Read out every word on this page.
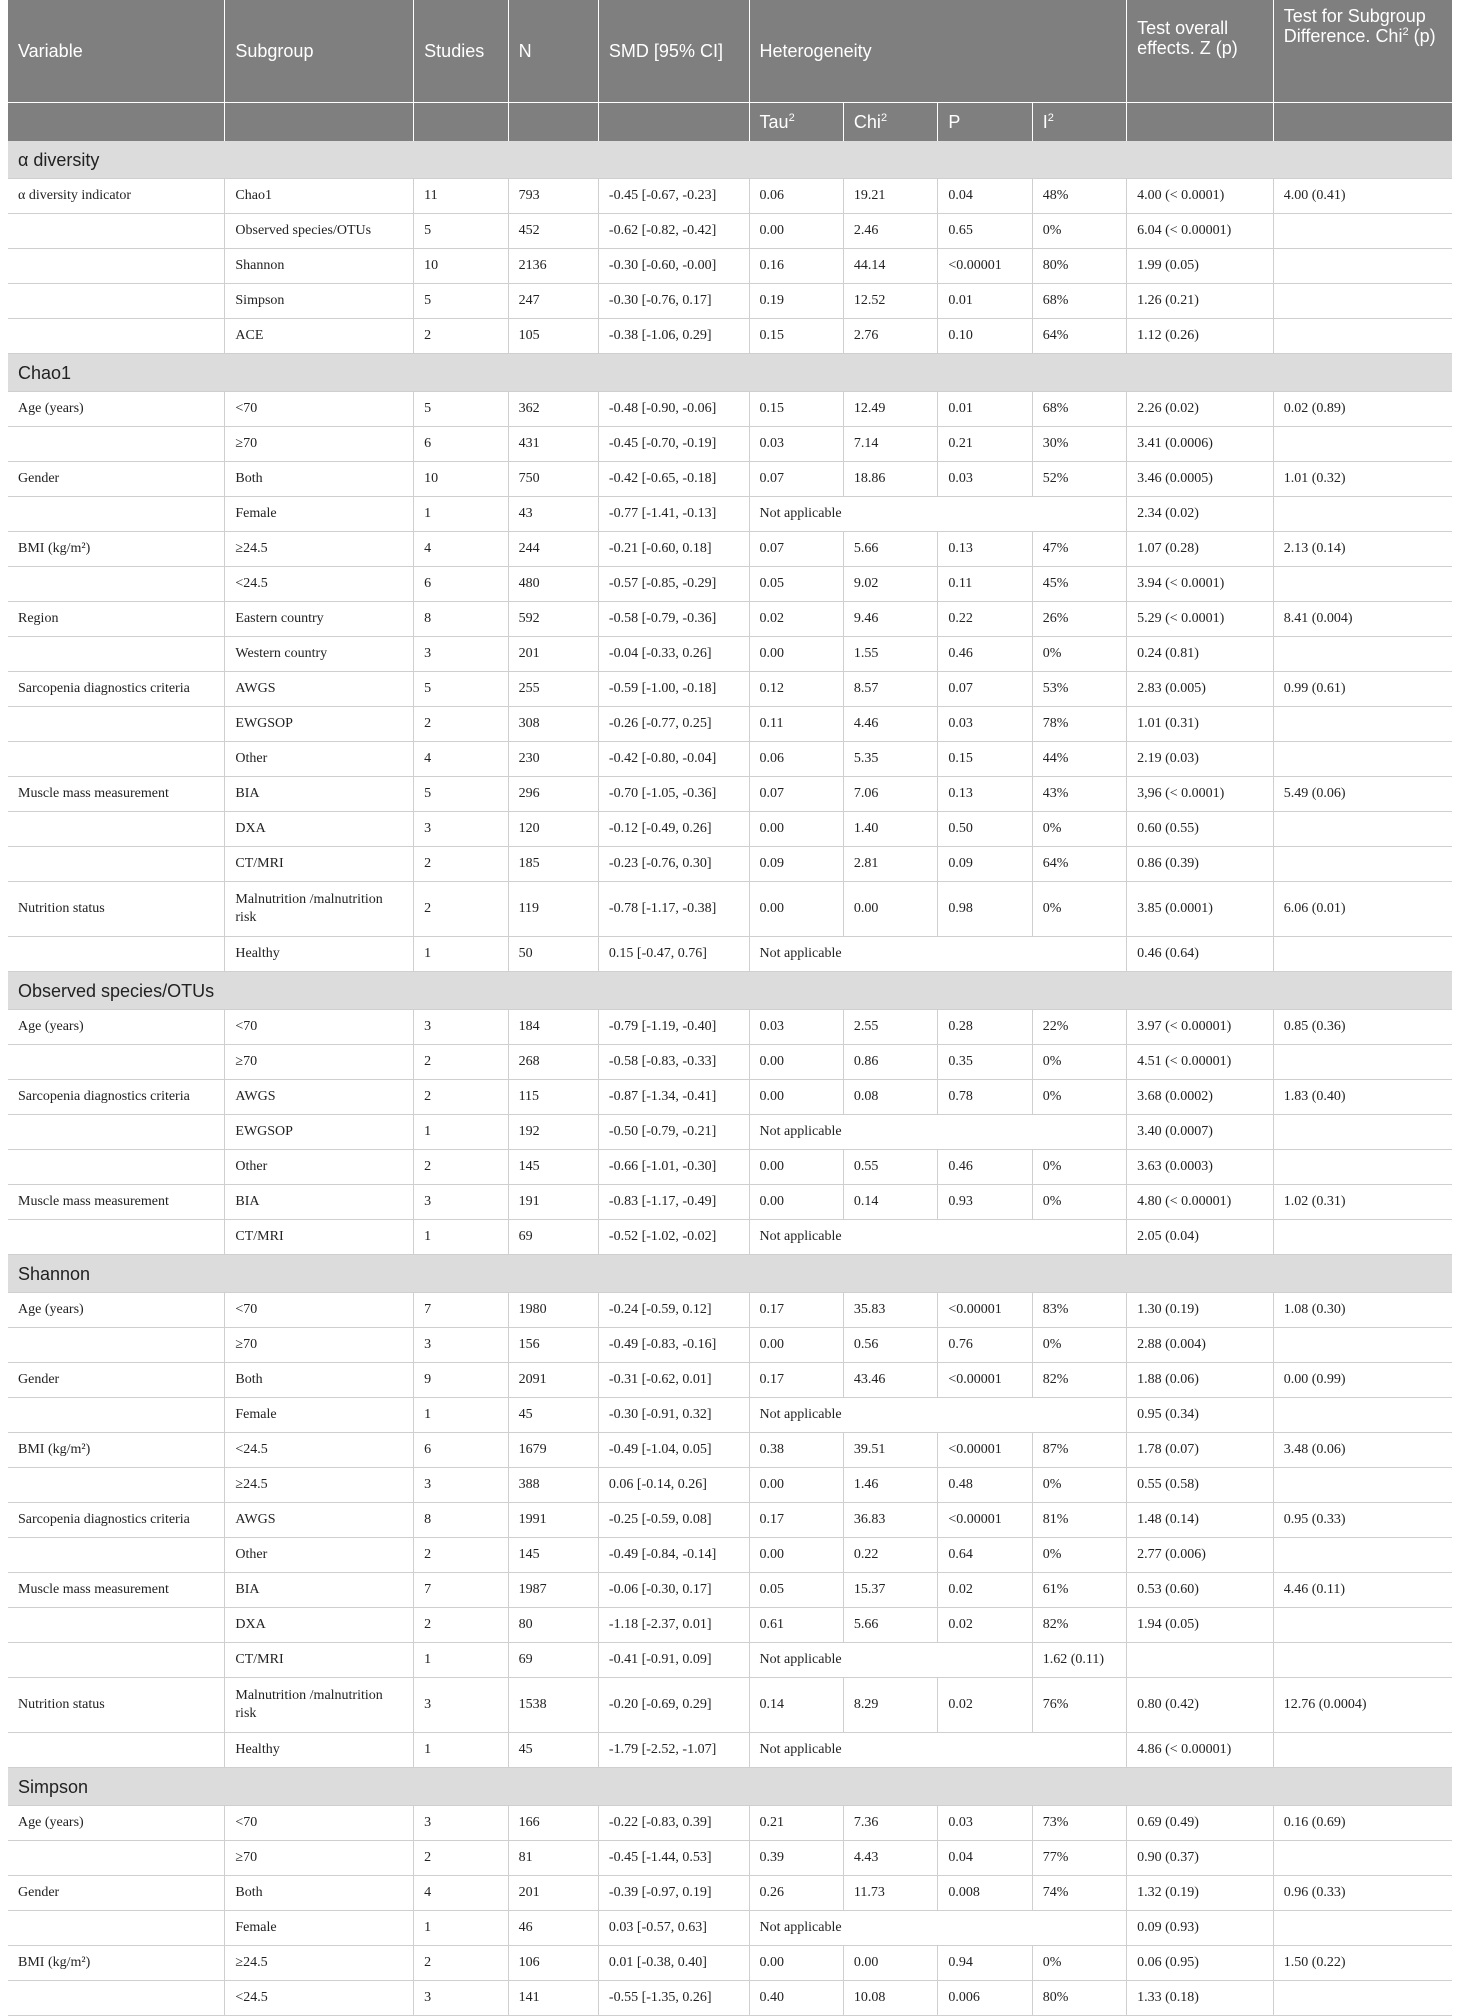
Variable	Subgroup	Studies	N	SMD [95% CI]	Heterogeneity				Test overall effects. Z (p)	Test for Subgroup Difference. Chi$^2$ (p)
					Tau$^2$	Chi$^2$	P	$I^2$		
α diversity										
α diversity indicator	Chao1	11	793	-0.45 [-0.67, -0.23]	0.06	19.21	0.04	48%	4.00 (< 0.0001)	4.00 (0.41)
	Observed species/OTUs	5	452	-0.62 [-0.82, -0.42]	0.00	2.46	0.65	0%	6.04 (< 0.00001)	
	Shannon	10	2136	-0.30 [-0.60, -0.00]	0.16	44.14	<0.00001	80%	1.99 (0.05)	
	Simpson	5	247	-0.30 [-0.76, 0.17]	0.19	12.52	0.01	68%	1.26 (0.21)	
	ACE	2	105	-0.38 [-1.06, 0.29]	0.15	2.76	0.10	64%	1.12 (0.26)	
Chao1										
Age (years)	<70	5	362	-0.48 [-0.90, -0.06]	0.15	12.49	0.01	68%	2.26 (0.02)	0.02 (0.89)
	≥70	6	431	-0.45 [-0.70, -0.19]	0.03	7.14	0.21	30%	3.41 (0.0006)	
Gender	Both	10	750	-0.42 [-0.65, -0.18]	0.07	18.86	0.03	52%	3.46 (0.0005)	1.01 (0.32)
	Female	1	43	-0.77 [-1.41, -0.13]	Not applicable				2.34 (0.02)	
BMI (kg/m²)	≥24.5	4	244	-0.21 [-0.60, 0.18]	0.07	5.66	0.13	47%	1.07 (0.28)	2.13 (0.14)
	<24.5	6	480	-0.57 [-0.85, -0.29]	0.05	9.02	0.11	45%	3.94 (< 0.0001)	
Region	Eastern country	8	592	-0.58 [-0.79, -0.36]	0.02	9.46	0.22	26%	5.29 (< 0.0001)	8.41 (0.004)
	Western country	3	201	-0.04 [-0.33, 0.26]	0.00	1.55	0.46	0%	0.24 (0.81)	
Sarcopenia diagnostics criteria	AWGS	5	255	-0.59 [-1.00, -0.18]	0.12	8.57	0.07	53%	2.83 (0.005)	0.99 (0.61)
	EWGSOP	2	308	-0.26 [-0.77, 0.25]	0.11	4.46	0.03	78%	1.01 (0.31)	
	Other	4	230	-0.42 [-0.80, -0.04]	0.06	5.35	0.15	44%	2.19 (0.03)	
Muscle mass measurement	BIA	5	296	-0.70 [-1.05, -0.36]	0.07	7.06	0.13	43%	3,96 (< 0.0001)	5.49 (0.06)
	DXA	3	120	-0.12 [-0.49, 0.26]	0.00	1.40	0.50	0%	0.60 (0.55)	
	CT/MRI	2	185	-0.23 [-0.76, 0.30]	0.09	2.81	0.09	64%	0.86 (0.39)	
Nutrition status	Malnutrition /malnutrition risk	2	119	-0.78 [-1.17, -0.38]	0.00	0.00	0.98	0%	3.85 (0.0001)	6.06 (0.01)
	Healthy	1	50	0.15 [-0.47, 0.76]	Not applicable				0.46 (0.64)	
Observed species/OTUs										
Age (years)	<70	3	184	-0.79 [-1.19, -0.40]	0.03	2.55	0.28	22%	3.97 (< 0.00001)	0.85 (0.36)
	≥70	2	268	-0.58 [-0.83, -0.33]	0.00	0.86	0.35	0%	4.51 (< 0.00001)	
Sarcopenia diagnostics criteria	AWGS	2	115	-0.87 [-1.34, -0.41]	0.00	0.08	0.78	0%	3.68 (0.0002)	1.83 (0.40)
	EWGSOP	1	192	-0.50 [-0.79, -0.21]	Not applicable				3.40 (0.0007)	
	Other	2	145	-0.66 [-1.01, -0.30]	0.00	0.55	0.46	0%	3.63 (0.0003)	
Muscle mass measurement	BIA	3	191	-0.83 [-1.17, -0.49]	0.00	0.14	0.93	0%	4.80 (< 0.00001)	1.02 (0.31)
	CT/MRI	1	69	-0.52 [-1.02, -0.02]	Not applicable				2.05 (0.04)	
Shannon										
Age (years)	<70	7	1980	-0.24 [-0.59, 0.12]	0.17	35.83	<0.00001	83%	1.30 (0.19)	1.08 (0.30)
	≥70	3	156	-0.49 [-0.83, -0.16]	0.00	0.56	0.76	0%	2.88 (0.004)	
Gender	Both	9	2091	-0.31 [-0.62, 0.01]	0.17	43.46	<0.00001	82%	1.88 (0.06)	0.00 (0.99)
	Female	1	45	-0.30 [-0.91, 0.32]	Not applicable				0.95 (0.34)	
BMI (kg/m²)	<24.5	6	1679	-0.49 [-1.04, 0.05]	0.38	39.51	<0.00001	87%	1.78 (0.07)	3.48 (0.06)
	≥24.5	3	388	0.06 [-0.14, 0.26]	0.00	1.46	0.48	0%	0.55 (0.58)	
Sarcopenia diagnostics criteria	AWGS	8	1991	-0.25 [-0.59, 0.08]	0.17	36.83	<0.00001	81%	1.48 (0.14)	0.95 (0.33)
	Other	2	145	-0.49 [-0.84, -0.14]	0.00	0.22	0.64	0%	2.77 (0.006)	
Muscle mass measurement	BIA	7	1987	-0.06 [-0.30, 0.17]	0.05	15.37	0.02	61%	0.53 (0.60)	4.46 (0.11)
	DXA	2	80	-1.18 [-2.37, 0.01]	0.61	5.66	0.02	82%	1.94 (0.05)	
	CT/MRI	1	69	-0.41 [-0.91, 0.09]	Not applicable			1.62 (0.11)		
Nutrition status	Malnutrition /malnutrition risk	3	1538	-0.20 [-0.69, 0.29]	0.14	8.29	0.02	76%	0.80 (0.42)	12.76 (0.0004)
	Healthy	1	45	-1.79 [-2.52, -1.07]	Not applicable				4.86 (< 0.00001)	
Simpson										
Age (years)	<70	3	166	-0.22 [-0.83, 0.39]	0.21	7.36	0.03	73%	0.69 (0.49)	0.16 (0.69)
	≥70	2	81	-0.45 [-1.44, 0.53]	0.39	4.43	0.04	77%	0.90 (0.37)	
Gender	Both	4	201	-0.39 [-0.97, 0.19]	0.26	11.73	0.008	74%	1.32 (0.19)	0.96 (0.33)
	Female	1	46	0.03 [-0.57, 0.63]	Not applicable				0.09 (0.93)	
BMI (kg/m²)	≥24.5	2	106	0.01 [-0.38, 0.40]	0.00	0.00	0.94	0%	0.06 (0.95)	1.50 (0.22)
	<24.5	3	141	-0.55 [-1.35, 0.26]	0.40	10.08	0.006	80%	1.33 (0.18)	
